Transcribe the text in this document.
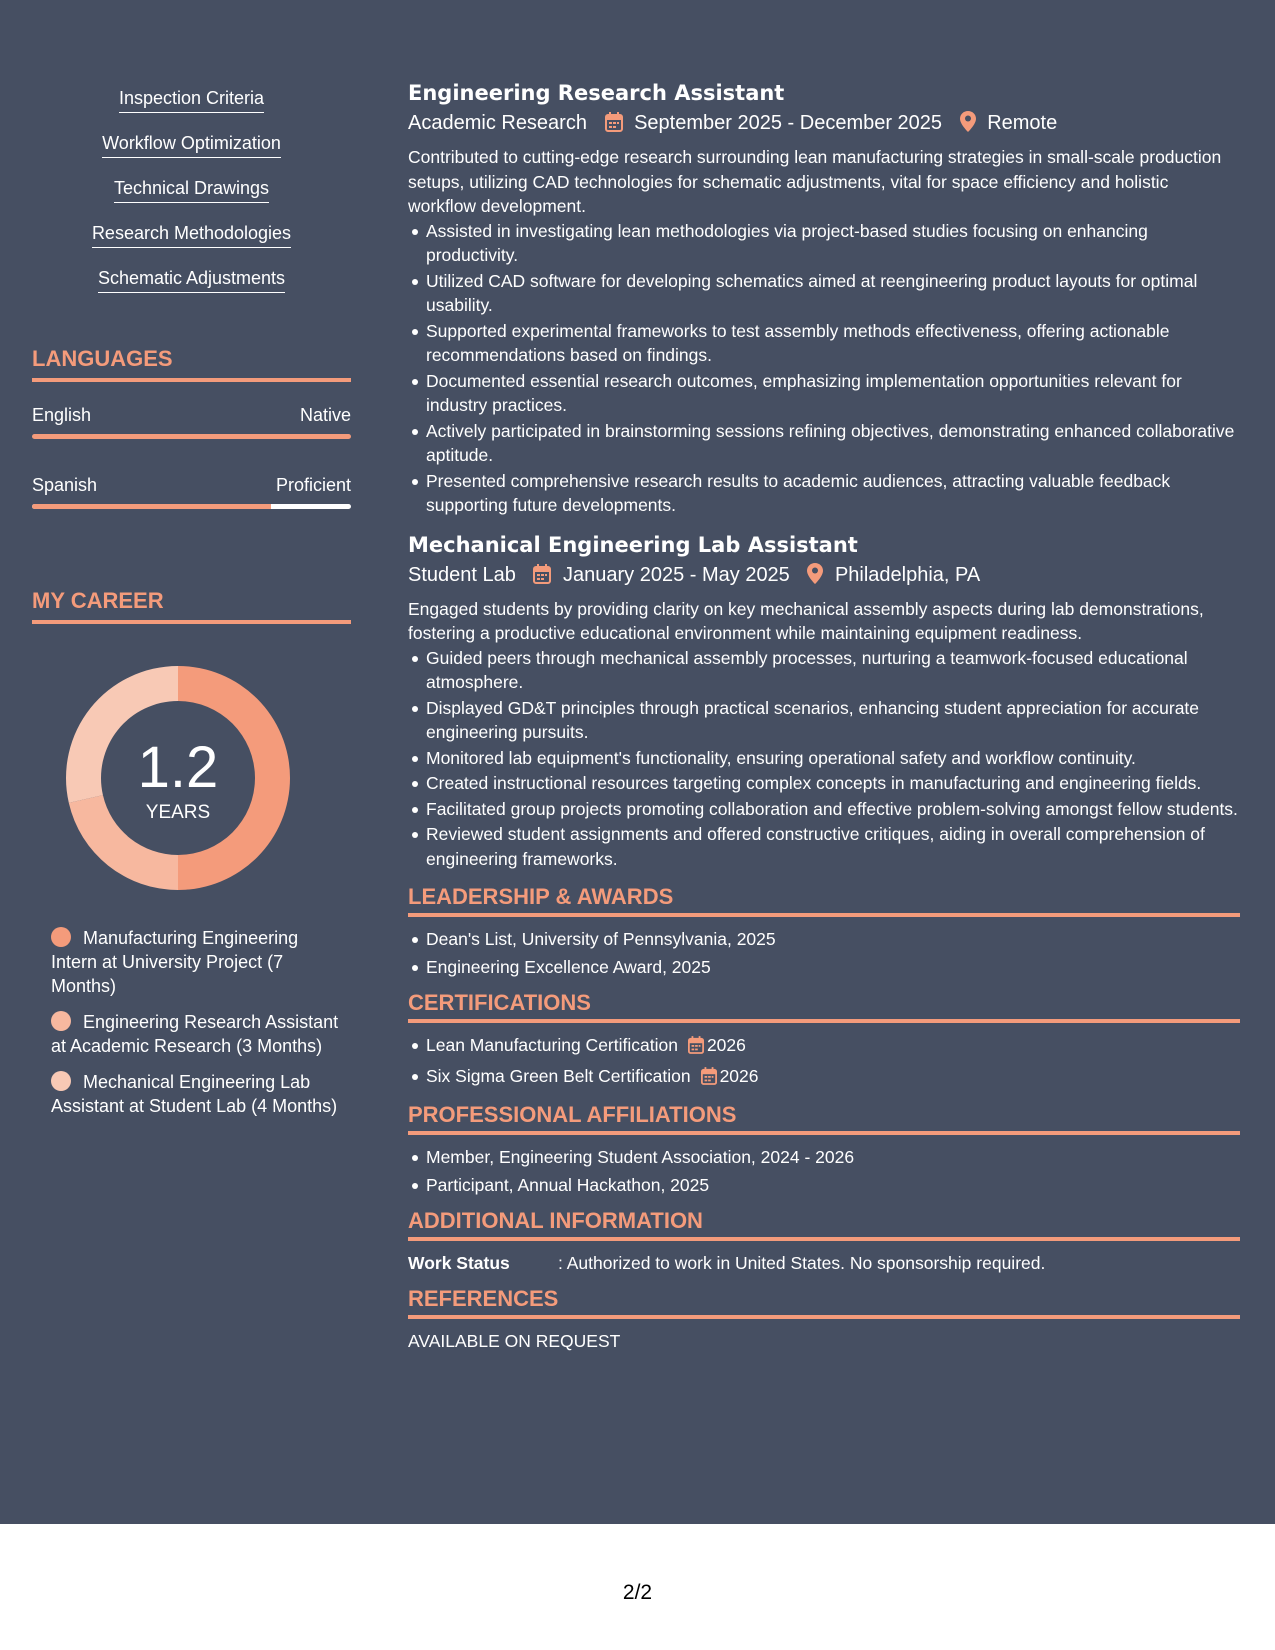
Inspection Criteria
Workflow Optimization
Technical Drawings
Research Methodologies
Schematic Adjustments
LANGUAGES
English	Native
Spanish	Proficient
MY CAREER
1.2
YEARS
Manufacturing Engineering Intern at University Project (7 Months)
Engineering Research Assistant at Academic Research (3 Months)
Mechanical Engineering Lab Assistant at Student Lab (4 Months)
Engineering Research Assistant
Academic Research September 2025 - December 2025 Remote
Contributed to cutting-edge research surrounding lean manufacturing strategies in small-scale production setups, utilizing CAD technologies for schematic adjustments, vital for space efficiency and holistic workflow development.
Assisted in investigating lean methodologies via project-based studies focusing on enhancing productivity.
Utilized CAD software for developing schematics aimed at reengineering product layouts for optimal usability.
Supported experimental frameworks to test assembly methods effectiveness, offering actionable recommendations based on findings.
Documented essential research outcomes, emphasizing implementation opportunities relevant for industry practices.
Actively participated in brainstorming sessions refining objectives, demonstrating enhanced collaborative aptitude.
Presented comprehensive research results to academic audiences, attracting valuable feedback supporting future developments.
Mechanical Engineering Lab Assistant
Student Lab January 2025 - May 2025 Philadelphia, PA
Engaged students by providing clarity on key mechanical assembly aspects during lab demonstrations, fostering a productive educational environment while maintaining equipment readiness.
Guided peers through mechanical assembly processes, nurturing a teamwork-focused educational atmosphere.
Displayed GD&T principles through practical scenarios, enhancing student appreciation for accurate engineering pursuits.
Monitored lab equipment's functionality, ensuring operational safety and workflow continuity.
Created instructional resources targeting complex concepts in manufacturing and engineering fields.
Facilitated group projects promoting collaboration and effective problem-solving amongst fellow students.
Reviewed student assignments and offered constructive critiques, aiding in overall comprehension of engineering frameworks.
LEADERSHIP & AWARDS
Dean's List, University of Pennsylvania, 2025
Engineering Excellence Award, 2025
CERTIFICATIONS
Lean Manufacturing Certification 2026
Six Sigma Green Belt Certification 2026
PROFESSIONAL AFFILIATIONS
Member, Engineering Student Association, 2024 - 2026
Participant, Annual Hackathon, 2025
ADDITIONAL INFORMATION
Work Status	: Authorized to work in United States. No sponsorship required.
REFERENCES
AVAILABLE ON REQUEST
2/2
